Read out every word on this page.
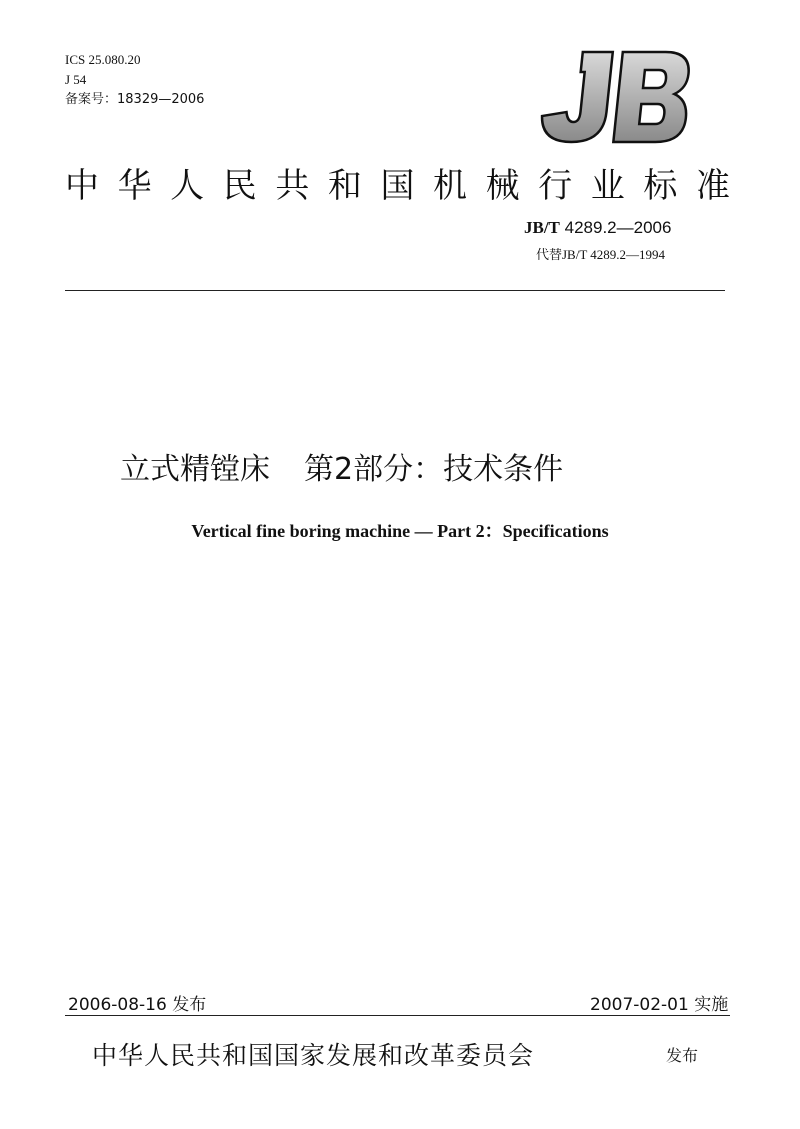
ICS 25.080.20
J 54
备案号：18329—2006
中 华 人 民 共 和 国 机 械 行 业 标 准
JB/T 4289.2—2006
代替JB/T 4289.2—1994
立式精镗床 第2部分：技术条件
Vertical fine boring machine — Part 2：Specifications
2006-08-16 发布	2007-02-01 实施
中华人民共和国国家发展和改革委员会	发布
